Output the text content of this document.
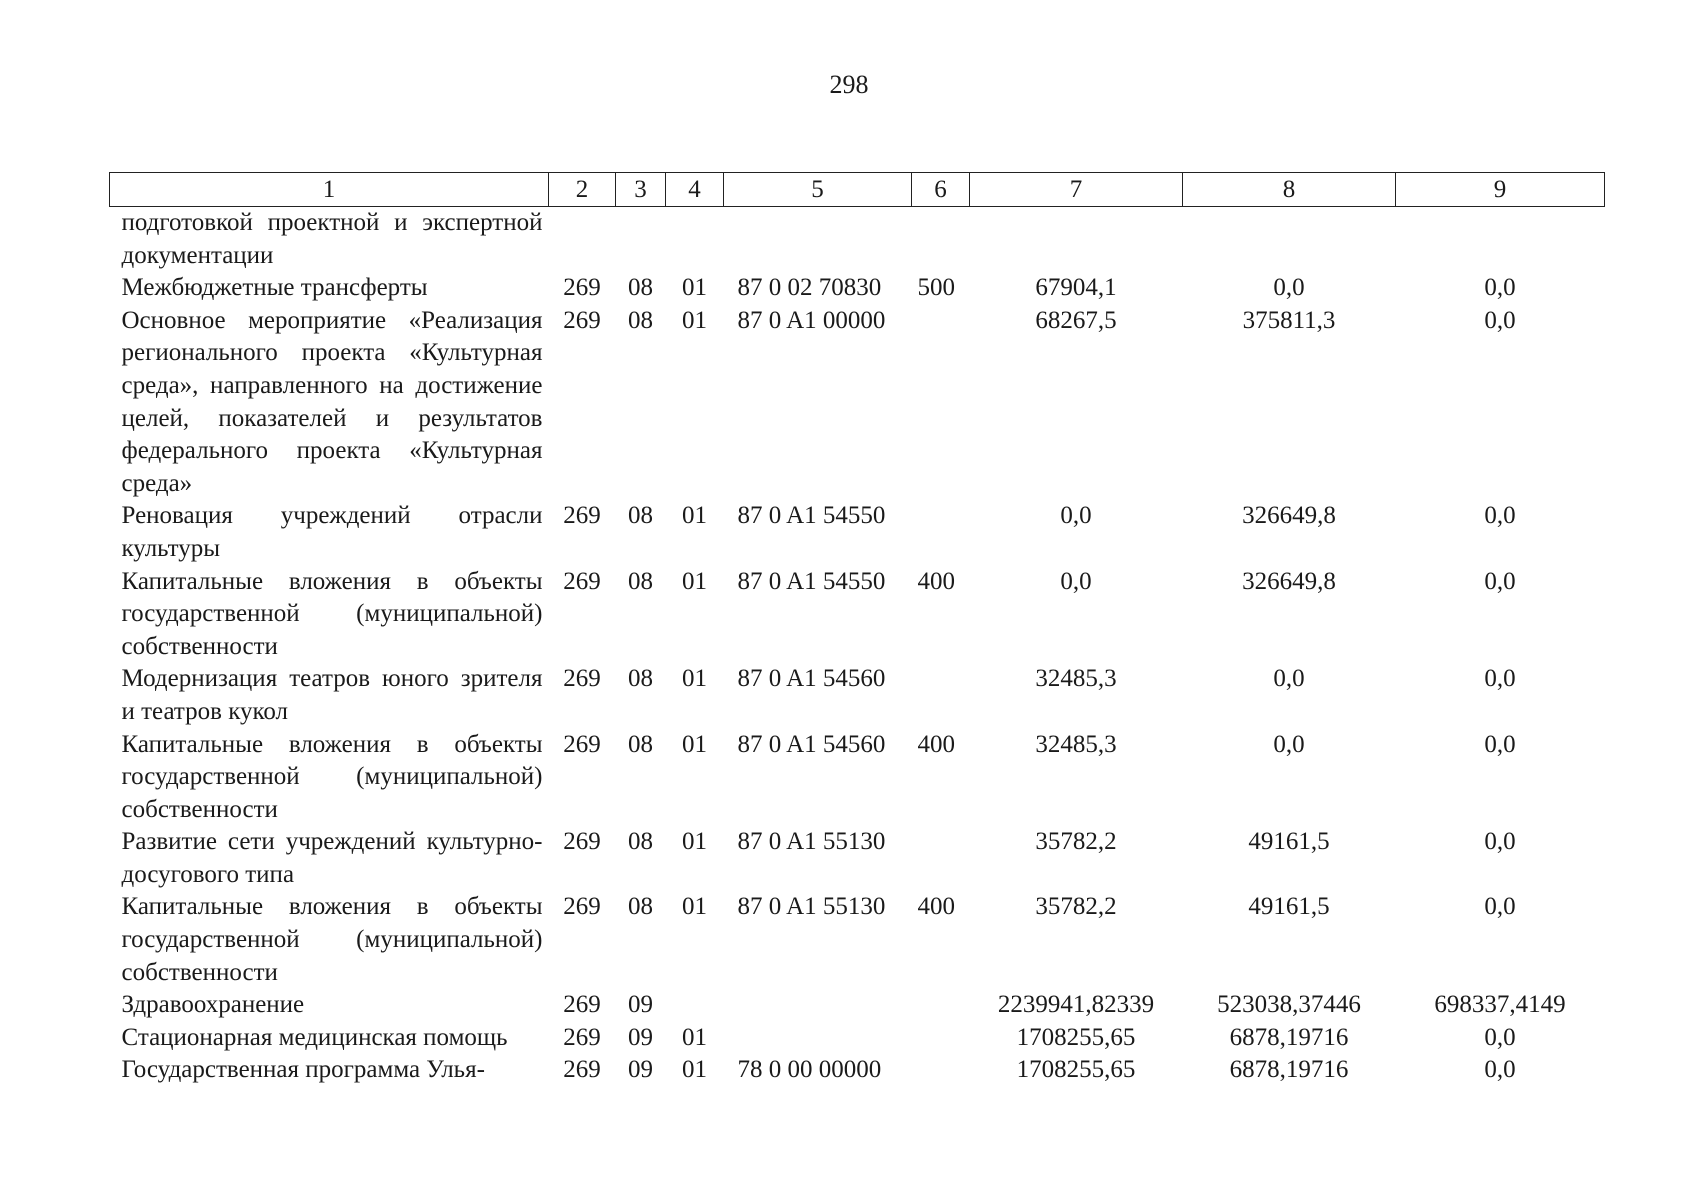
298
1	2	3	4	5	6	7	8	9
подготовкой проектной и экспертной документации								
Межбюджетные трансферты	269	08	01	87 0 02 70830	500	67904,1	0,0	0,0
Основное мероприятие «Реализация регионального проекта «Культурная среда», направленного на достижение целей, показателей и результатов федерального проекта «Культурная среда»	269	08	01	87 0 A1 00000		68267,5	375811,3	0,0
Реновация учреждений отрасли культуры	269	08	01	87 0 A1 54550		0,0	326649,8	0,0
Капитальные вложения в объекты государственной (муниципальной) собственности	269	08	01	87 0 A1 54550	400	0,0	326649,8	0,0
Модернизация театров юного зрителя и театров кукол	269	08	01	87 0 A1 54560		32485,3	0,0	0,0
Капитальные вложения в объекты государственной (муниципальной) собственности	269	08	01	87 0 A1 54560	400	32485,3	0,0	0,0
Развитие сети учреждений культурно-досугового типа	269	08	01	87 0 A1 55130		35782,2	49161,5	0,0
Капитальные вложения в объекты государственной (муниципальной) собственности	269	08	01	87 0 A1 55130	400	35782,2	49161,5	0,0
Здравоохранение	269	09				2239941,82339	523038,37446	698337,4149
Стационарная медицинская помощь	269	09	01			1708255,65	6878,19716	0,0
Государственная программа Улья-	269	09	01	78 0 00 00000		1708255,65	6878,19716	0,0
